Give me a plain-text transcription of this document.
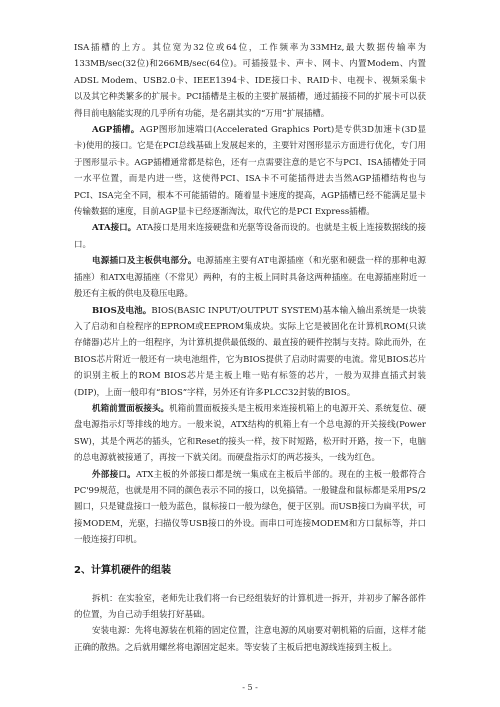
ISA插槽的上方。其位宽为32位或64位，工作频率为33MHz,最大数据传输率为133MB/sec(32位)和266MB/sec(64位)。可插接显卡、声卡、网卡、内置Modem、内置ADSL Modem、USB2.0卡、IEEE1394卡、IDE接口卡、RAID卡、电视卡、视频采集卡以及其它种类繁多的扩展卡。PCI插槽是主板的主要扩展插槽，通过插接不同的扩展卡可以获得目前电脑能实现的几乎所有功能，是名副其实的“万用”扩展插槽。

AGP插槽。AGP图形加速端口(Accelerated Graphics Port)是专供3D加速卡(3D显卡)使用的接口。它是在PCI总线基础上发展起来的，主要针对图形显示方面进行优化，专门用于图形显示卡。AGP插槽通常都是棕色，还有一点需要注意的是它不与PCI、ISA插槽处于同一水平位置，而是内进一些，这使得PCI、ISA卡不可能插得进去当然AGP插槽结构也与PCI、ISA完全不同，根本不可能插错的。随着显卡速度的提高，AGP插槽已经不能满足显卡传输数据的速度，目前AGP显卡已经逐渐淘汰，取代它的是PCI Express插槽。

ATA接口。ATA接口是用来连接硬盘和光驱等设备而设的。也就是主板上连接数据线的接口。

电源插口及主板供电部分。电源插座主要有AT电源插座（和光驱和硬盘一样的那种电源插座）和ATX电源插座（不常见）两种，有的主板上同时具备这两种插座。在电源插座附近一般还有主板的供电及稳压电路。

BIOS及电池。BIOS(BASIC INPUT/OUTPUT SYSTEM)基本输入输出系统是一块装入了启动和自检程序的EPROM或EEPROM集成块。实际上它是被固化在计算机ROM(只读存储器)芯片上的一组程序，为计算机提供最低级的、最直接的硬件控制与支持。除此而外，在BIOS芯片附近一般还有一块电池组件，它为BIOS提供了启动时需要的电流。常见BIOS芯片的识别主板上的ROM BIOS芯片是主板上唯一贴有标签的芯片，一般为双排直插式封装(DIP)，上面一般印有“BIOS”字样，另外还有许多PLCC32封装的BIOS。

机箱前置面板接头。机箱前置面板接头是主板用来连接机箱上的电源开关、系统复位、硬盘电源指示灯等排线的地方。一般来说，ATX结构的机箱上有一个总电源的开关接线(Power SW)，其是个两芯的插头，它和Reset的接头一样，按下时短路，松开时开路，按一下，电脑的总电源就被接通了，再按一下就关闭。而硬盘指示灯的两芯接头，一线为红色。

外部接口。ATX主板的外部接口都是统一集成在主板后半部的。现在的主板一般都符合PC'99规范，也就是用不同的颜色表示不同的接口，以免搞错。一般键盘和鼠标都是采用PS/2圆口，只是键盘接口一般为蓝色，鼠标接口一般为绿色，便于区别。而USB接口为扁平状，可接MODEM，光驱，扫描仪等USB接口的外设。而串口可连接MODEM和方口鼠标等，并口一般连接打印机。

2、计算机硬件的组装

拆机：在实验室，老师先让我们将一台已经组装好的计算机进一拆开，并初步了解各部件的位置，为自己动手组装打好基础。

安装电源：先将电源装在机箱的固定位置，注意电源的风扇要对朝机箱的后面，这样才能正确的散热。之后就用螺丝将电源固定起来。等安装了主板后把电源线连接到主板上。

- 5 -
